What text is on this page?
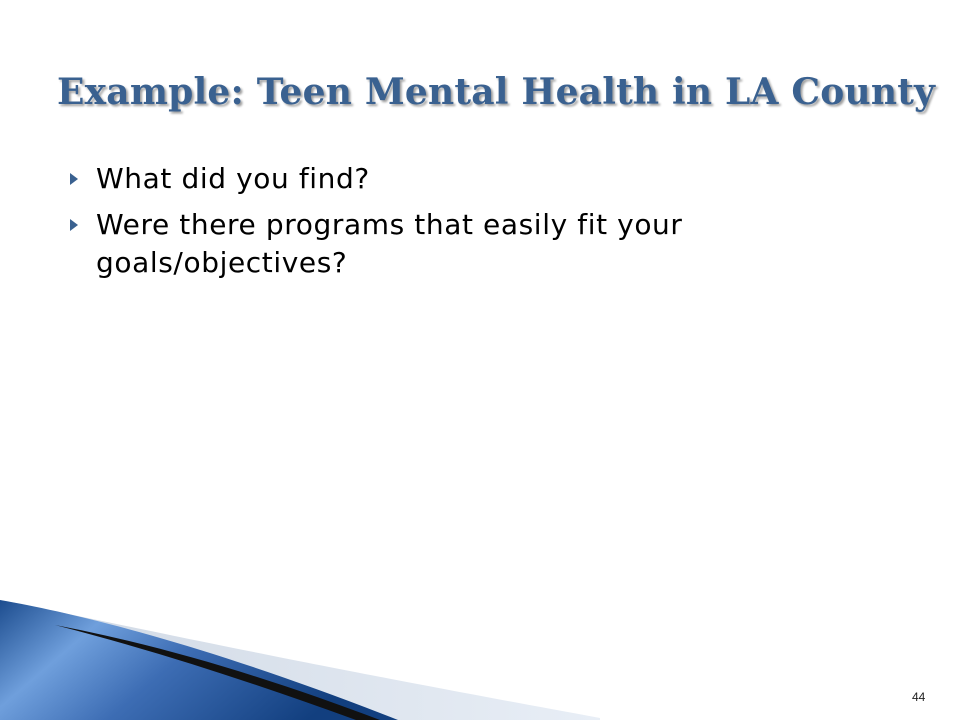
Example: Teen Mental Health in LA County
What did you find?
Were there programs that easily fit your goals/objectives?
44
